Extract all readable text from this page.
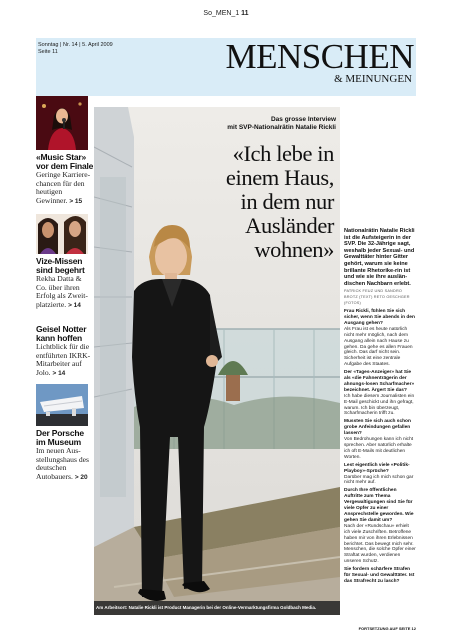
So_MEN_1 11
Sonntag | Nr. 14 | 5. April 2009
Seite 11	MENSCHEN
& MEINUNGEN
«Music Star» vor dem Finale
Geringe Karriere-chancen für den heutigen Gewinner. > 15
Vize-Missen sind begehrt
Rekha Datta & Co. über ihren Erfolg als Zweit-platzierte. > 14
Geisel Notter kann hoffen
Lichtblick für die entführten IKRK-Mitarbeiter auf Jolo. > 14
Der Porsche im Museum
Im neuen Aus-stellungshaus des deutschen Autobauers. > 20
Am Arbeitsort: Natalie Rickli ist Product Managerin bei der Online-Vermarktungsfirma Goldbach Media.
Das grosse Interview
mit SVP-Nationalrätin Natalie Rickli
«Ich lebe in
einem Haus,
in dem nur
Ausländer
wohnen»
Nationalrätin Natalie Rickli ist die Aufsteigerin in der SVP. Die 32-Jährige sagt, weshalb jeder Sexual- und Gewalttäter hinter Gitter gehört, warum sie keine brillante Rhetorike-rin ist und wie sie ihre auslän-dischen Nachbarn erlebt.
PATRICK FEUZ UND SANDRO BROTZ (TEXT) RETO OESCHGER (FOTOS)
Frau Rickli, fühlen Sie sich sicher, wenn Sie abends in den Ausgang gehen?
Als Frau ist es heute natürlich nicht mehr möglich, nach dem Ausgang allein nach Hause zu gehen. Da gehe es allen Frauen gleich. Das darf nicht sein. Sicherheit ist eine zentrale Aufgabe des Staates.
Der «Tages-Anzeiger» hat Sie als «die Fahnenträgerin der ahnungs-losen Scharfmacher» bezeichnet. Ärgert Sie das?
Ich habe diesem Journalisten ein E-Mail geschickt und ihn gefragt, warum. Ich bin überzeugt, Scharfmacherin trifft zu.
Mussten Sie sich auch schon grobe Anfeindungen gefallen lassen?
Von Bedrohungen kann ich nicht sprechen. Aber natürlich erhalte ich oft E-Mails mit deutlichen Worten.
Lest eigentlich viele «Politik-Playboy»-Sprüche?
Darüber mag ich mich schon gar nicht mehr auf.
Durch Ihre öffentlichen Auftritte zum Thema Vergewaltigungen sind Sie für viele Opfer zu einer Ansprechstelle geworden. Wie gehen Sie damit um?
Nach der «Rundschau» erhielt ich viele Zuschriften. Betroffene haben mir von ihren Erlebnissen berichtet. Das bewegt mich sehr. Menschen, die solche Opfer einer Straftat wurden, verdienen unseren Schutz.
Sie fordern schärfere Strafen für Sexual- und Gewalttäter. Ist das Strafrecht zu lasch?
FORTSETZUNG AUF SEITE 12
